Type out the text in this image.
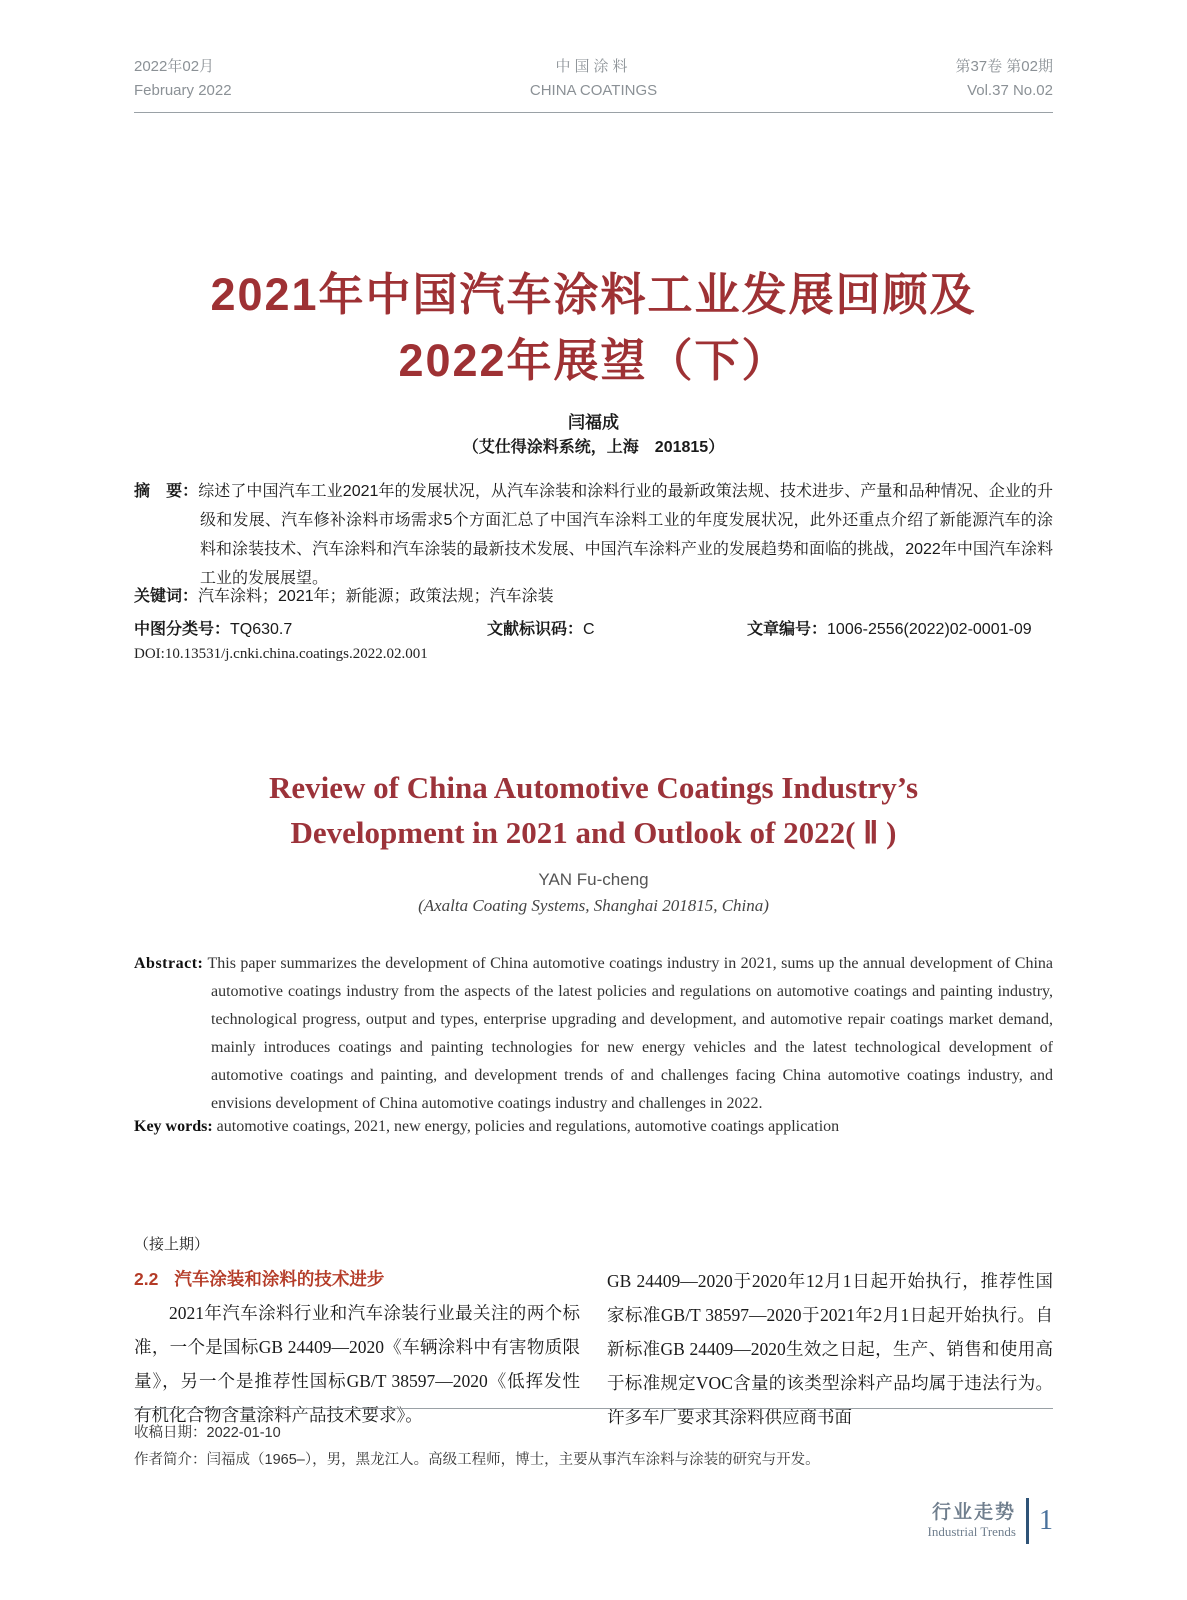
2022年02月
February 2022
中国涂料
CHINA COATINGS
第37卷 第02期
Vol.37 No.02
2021年中国汽车涂料工业发展回顾及
2022年展望（下）
闫福成
（艾仕得涂料系统，上海　201815）
摘　要：综述了中国汽车工业2021年的发展状况，从汽车涂装和涂料行业的最新政策法规、技术进步、产量和品种情况、企业的升级和发展、汽车修补涂料市场需求5个方面汇总了中国汽车涂料工业的年度发展状况，此外还重点介绍了新能源汽车的涂料和涂装技术、汽车涂料和汽车涂装的最新技术发展、中国汽车涂料产业的发展趋势和面临的挑战，2022年中国汽车涂料工业的发展展望。
关键词：汽车涂料；2021年；新能源；政策法规；汽车涂装
中图分类号：TQ630.7	文献标识码：C	文章编号：1006-2556(2022)02-0001-09
DOI:10.13531/j.cnki.china.coatings.2022.02.001
Review of China Automotive Coatings Industry’s
Development in 2021 and Outlook of 2022( Ⅱ )
YAN Fu-cheng
(Axalta Coating Systems, Shanghai 201815, China)
Abstract: This paper summarizes the development of China automotive coatings industry in 2021, sums up the annual development of China automotive coatings industry from the aspects of the latest policies and regulations on automotive coatings and painting industry, technological progress, output and types, enterprise upgrading and development, and automotive repair coatings market demand, mainly introduces coatings and painting technologies for new energy vehicles and the latest technological development of automotive coatings and painting, and development trends of and challenges facing China automotive coatings industry, and envisions development of China automotive coatings industry and challenges in 2022.
Key words: automotive coatings, 2021, new energy, policies and regulations, automotive coatings application
（接上期）
2.2 汽车涂装和涂料的技术进步
2021年汽车涂料行业和汽车涂装行业最关注的两个标准，一个是国标GB 24409—2020《车辆涂料中有害物质限量》，另一个是推荐性国标GB/T 38597—2020《低挥发性有机化合物含量涂料产品技术要求》。
GB 24409—2020于2020年12月1日起开始执行，推荐性国家标准GB/T 38597—2020于2021年2月1日起开始执行。自新标准GB 24409—2020生效之日起，生产、销售和使用高于标准规定VOC含量的该类型涂料产品均属于违法行为。许多车厂要求其涂料供应商书面
收稿日期：2022-01-10
作者简介：闫福成（1965–），男，黑龙江人。高级工程师，博士，主要从事汽车涂料与涂装的研究与开发。
行业走势
Industrial Trends 1
